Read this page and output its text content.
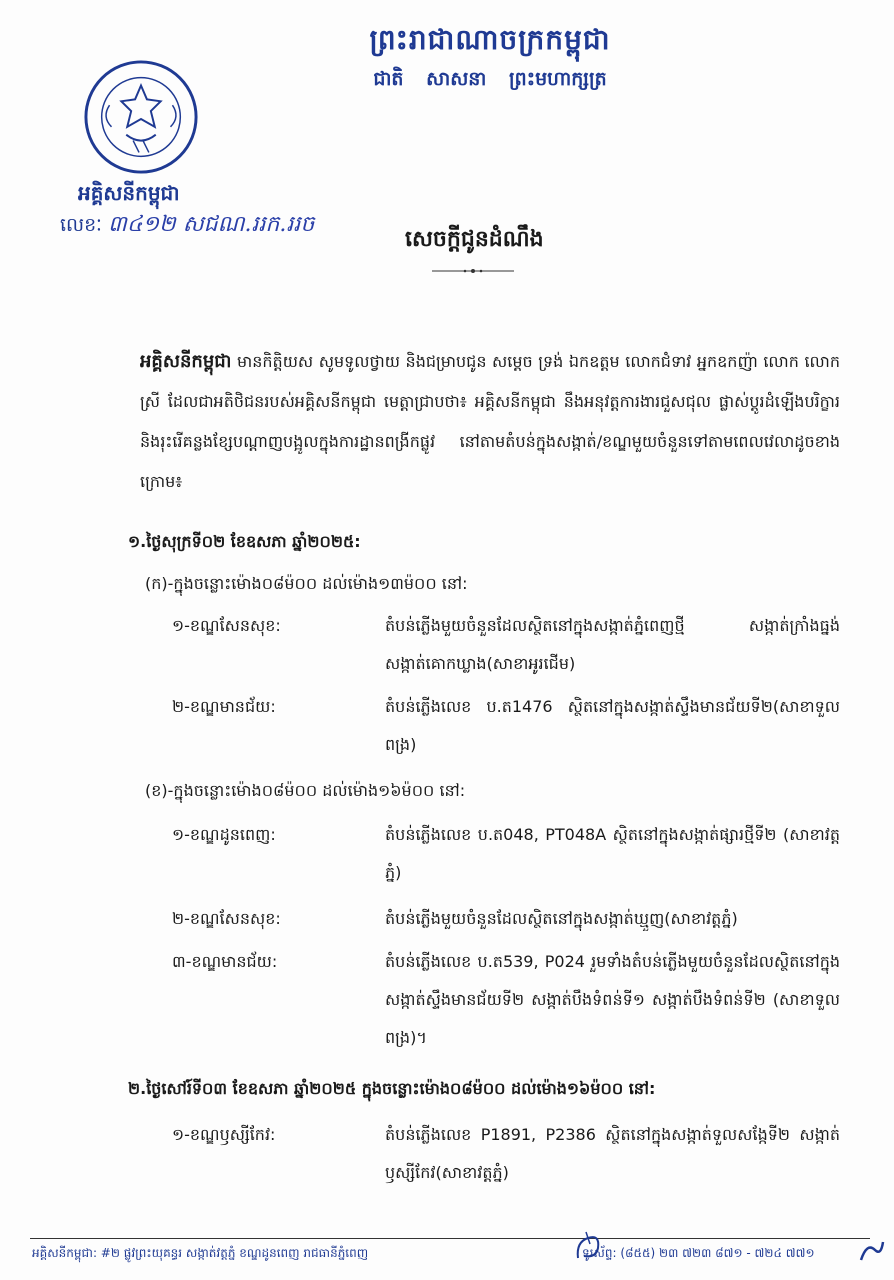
ព្រះរាជាណាចក្រកម្ពុជា
ជាតិ សាសនា ព្រះមហាក្សត្រ
អគ្គិសនីកម្ពុជា
លេខៈ ៣៤១២ សជណ.ររក.ររច
សេចក្តីជូនដំណឹង
អគ្គិសនីកម្ពុជា មានកិត្តិយស សូមទូលថ្វាយ និងជម្រាបជូន សម្តេច ទ្រង់ ឯកឧត្តម លោកជំទាវ អ្នកឧកញ៉ា លោក លោកស្រី ដែលជាអតិថិជនរបស់អគ្គិសនីកម្ពុជា មេត្តាជ្រាបថា៖ អគ្គិសនីកម្ពុជា នឹងអនុវត្តការងារជួសជុល ផ្លាស់ប្តូរដំឡើងបរិក្ខារ និងរុះរើគន្លងខ្សែបណ្តាញបង្អូលក្នុងការដ្ឋានពង្រីកផ្លូវ នៅតាមតំបន់ក្នុងសង្កាត់/ខណ្ឌមួយចំនួនទៅតាមពេលវេលាដូចខាងក្រោម៖
១.ថ្ងៃសុក្រទី០២ ខែឧសភា ឆ្នាំ២០២៥:
(ក)-ក្នុងចន្លោះម៉ោង០៨ម៉០០ ដល់ម៉ោង១៣ម៉០០ នៅ:
១-ខណ្ឌសែនសុខ:	តំបន់ភ្លើងមួយចំនួនដែលស្ថិតនៅក្នុងសង្កាត់ភ្នំពេញថ្មី សង្កាត់ក្រាំងធ្នង់ សង្កាត់គោកឃ្លាង(សាខាអូរជើម)
២-ខណ្ឌមានជ័យ:	តំបន់ភ្លើងលេខ ប.ត1476 ស្ថិតនៅក្នុងសង្កាត់ស្ទឹងមានជ័យទី២(សាខាទួលពង្រ)
(ខ)-ក្នុងចន្លោះម៉ោង០៨ម៉០០ ដល់ម៉ោង១៦ម៉០០ នៅ:
១-ខណ្ឌដូនពេញ:	តំបន់ភ្លើងលេខ ប.ត048, PT048A ស្ថិតនៅក្នុងសង្កាត់ផ្សារថ្មីទី២ (សាខាវត្តភ្នំ)
២-ខណ្ឌសែនសុខ:	តំបន់ភ្លើងមួយចំនួនដែលស្ថិតនៅក្នុងសង្កាត់ឃ្មួញ(សាខាវត្តភ្នំ)
៣-ខណ្ឌមានជ័យ:	តំបន់ភ្លើងលេខ ប.ត539, P024 រួមទាំងតំបន់ភ្លើងមួយចំនួនដែលស្ថិតនៅក្នុងសង្កាត់ស្ទឹងមានជ័យទី២ សង្កាត់បឹងទំពន់ទី១ សង្កាត់បឹងទំពន់ទី២ (សាខាទួលពង្រ)។
២.ថ្ងៃសៅរ៍ទី០៣ ខែឧសភា ឆ្នាំ២០២៥ ក្នុងចន្លោះម៉ោង០៨ម៉០០ ដល់ម៉ោង១៦ម៉០០ នៅ:
១-ខណ្ឌឫស្សីកែវ:	តំបន់ភ្លើងលេខ P1891, P2386 ស្ថិតនៅក្នុងសង្កាត់ទួលសង្កែទី២ សង្កាត់ឫស្សីកែវ(សាខាវត្តភ្នំ)
អគ្គិសនីកម្ពុជា: #២ ផ្លូវព្រះយុគន្ធរ សង្កាត់វត្តភ្នំ ខណ្ឌដូនពេញ រាជធានីភ្នំពេញ	ទូរស័ព្ទ: (៨៥៥) ២៣ ៧២៣ ៨៧១ - ៧២៤ ៧៧១
